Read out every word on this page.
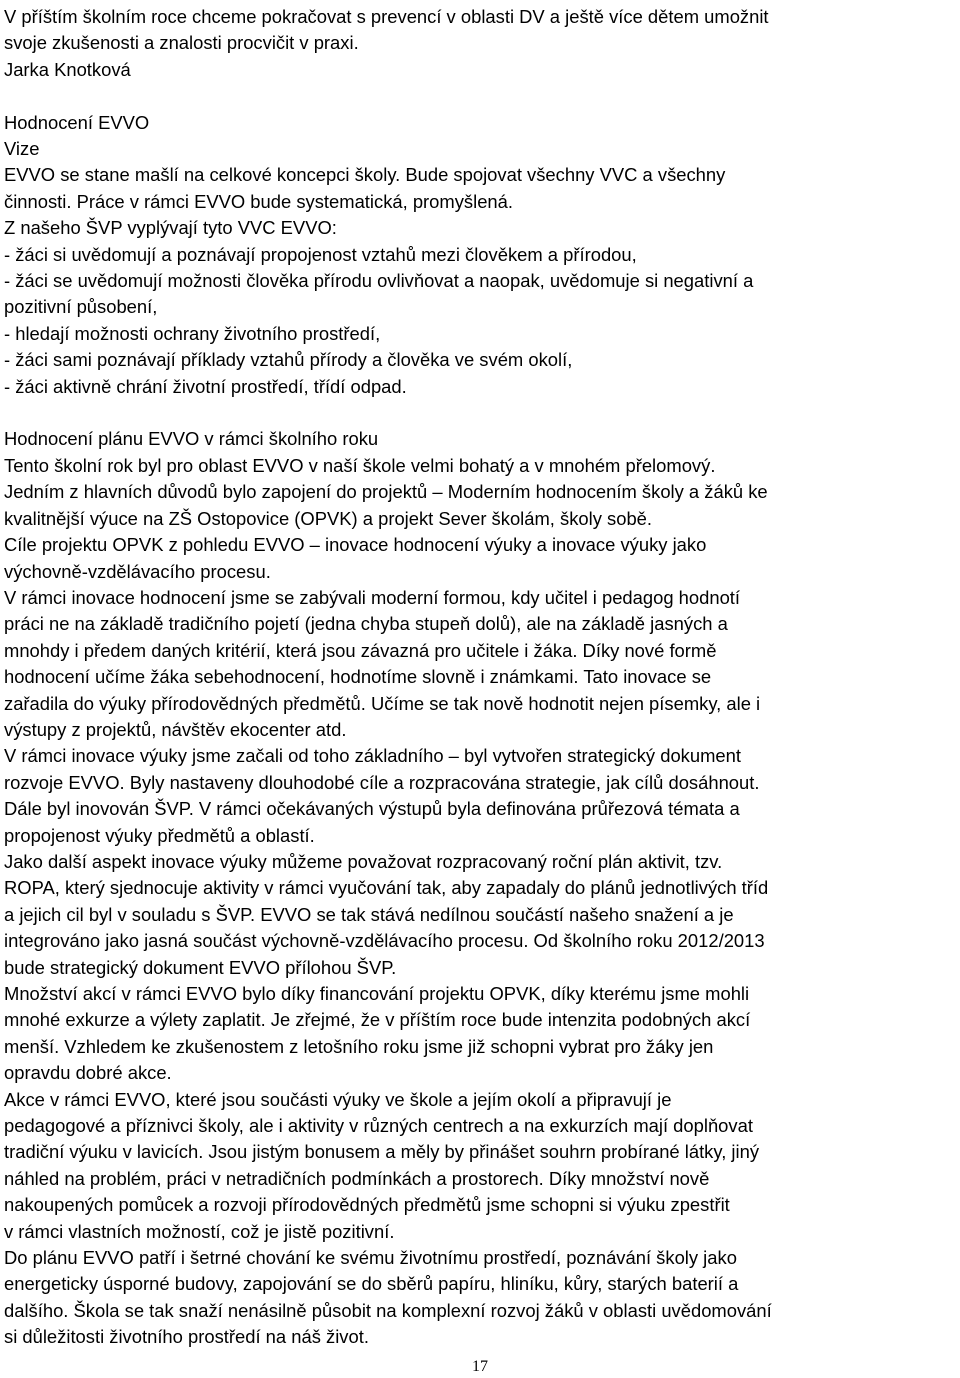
V příštím školním roce chceme pokračovat s prevencí v oblasti DV a ještě více dětem umožnit
svoje zkušenosti a znalosti procvičit v praxi.
Jarka Knotková
Hodnocení EVVO
Vize
EVVO se stane mašlí na celkové koncepci školy. Bude spojovat všechny VVC a všechny
činnosti. Práce v rámci EVVO bude systematická, promyšlená.
Z našeho ŠVP vyplývají tyto VVC EVVO:
- žáci si uvědomují a poznávají propojenost vztahů mezi člověkem a přírodou,
- žáci se uvědomují možnosti člověka přírodu ovlivňovat a naopak, uvědomuje si negativní a
pozitivní působení,
- hledají možnosti ochrany životního prostředí,
- žáci sami poznávají příklady vztahů přírody a člověka ve svém okolí,
- žáci aktivně chrání životní prostředí, třídí odpad.
Hodnocení plánu EVVO v rámci školního roku
Tento školní rok byl pro oblast EVVO v naší škole velmi bohatý a v mnohém přelomový.
Jedním z hlavních důvodů bylo zapojení do projektů – Moderním hodnocením školy a žáků ke
kvalitnější výuce na ZŠ Ostopovice (OPVK) a projekt Sever školám, školy sobě.
Cíle projektu OPVK z pohledu EVVO – inovace hodnocení výuky a inovace výuky jako
výchovně-vzdělávacího procesu.
V rámci inovace hodnocení jsme se zabývali moderní formou, kdy učitel i pedagog hodnotí
práci ne na základě tradičního pojetí (jedna chyba stupeň dolů), ale na základě jasných a
mnohdy i předem daných kritérií, která jsou závazná pro učitele i žáka. Díky nové formě
hodnocení učíme žáka sebehodnocení, hodnotíme slovně i známkami. Tato inovace se
zařadila do výuky přírodovědných předmětů. Učíme se tak nově hodnotit nejen písemky, ale i
výstupy z projektů, návštěv ekocenter atd.
V rámci inovace výuky jsme začali od toho základního – byl vytvořen strategický dokument
rozvoje EVVO. Byly nastaveny dlouhodobé cíle a rozpracována strategie, jak cílů dosáhnout.
Dále byl inovován ŠVP. V rámci očekávaných výstupů byla definována průřezová témata a
propojenost výuky předmětů a oblastí.
Jako další aspekt inovace výuky můžeme považovat rozpracovaný roční plán aktivit, tzv.
ROPA, který sjednocuje aktivity v rámci vyučování tak, aby zapadaly do plánů jednotlivých tříd
a jejich cil byl v souladu s ŠVP. EVVO se tak stává nedílnou součástí našeho snažení a je
integrováno jako jasná součást výchovně-vzdělávacího procesu. Od školního roku 2012/2013
bude strategický dokument EVVO přílohou ŠVP.
Množství akcí v rámci EVVO bylo díky financování projektu OPVK, díky kterému jsme mohli
mnohé exkurze a výlety zaplatit. Je zřejmé, že v příštím roce bude intenzita podobných akcí
menší. Vzhledem ke zkušenostem z letošního roku jsme již schopni vybrat pro žáky jen
opravdu dobré akce.
Akce v rámci EVVO, které jsou součásti výuky ve škole a jejím okolí a připravují je
pedagogové a příznivci školy, ale i aktivity v různých centrech a na exkurzích mají doplňovat
tradiční výuku v lavicích. Jsou jistým bonusem a měly by přinášet souhrn probírané látky, jiný
náhled na problém, práci v netradičních podmínkách a prostorech. Díky množství nově
nakoupených pomůcek a rozvoji přírodovědných předmětů jsme schopni si výuku zpestřit
v rámci vlastních možností, což je jistě pozitivní.
Do plánu EVVO patří i šetrné chování ke svému životnímu prostředí, poznávání školy jako
energeticky úsporné budovy, zapojování se do sběrů papíru, hliníku, kůry, starých baterií a
dalšího. Škola se tak snaží nenásilně působit na komplexní rozvoj žáků v oblasti uvědomování
si důležitosti životního prostředí na náš život.
17
